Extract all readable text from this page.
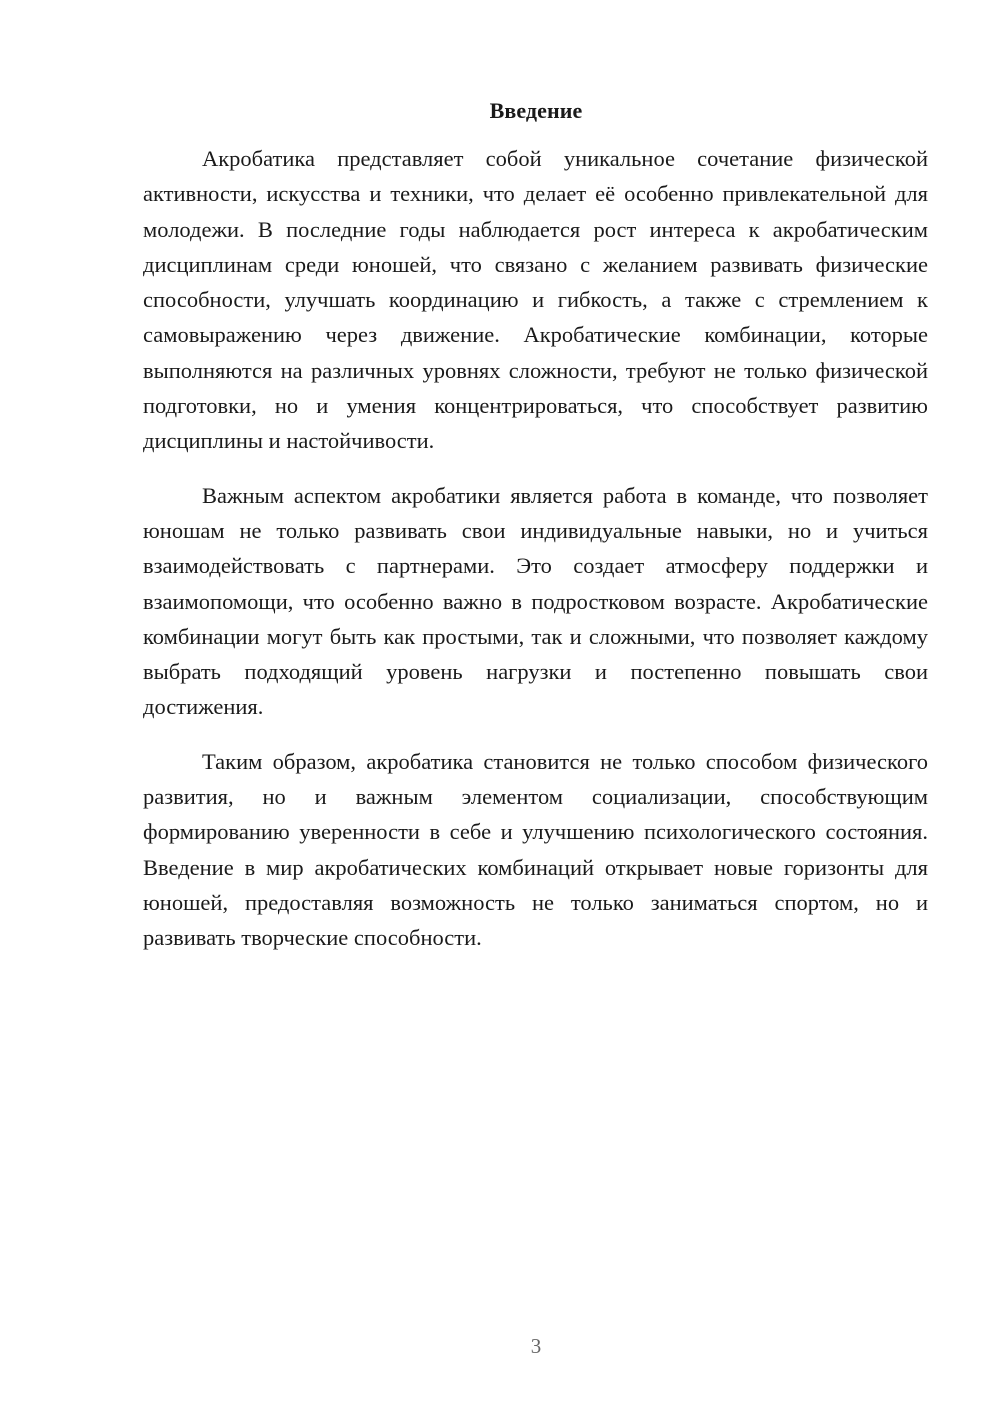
Введение

Акробатика представляет собой уникальное сочетание физической активности, искусства и техники, что делает её особенно привлекательной для молодежи. В последние годы наблюдается рост интереса к акробатическим дисциплинам среди юношей, что связано с желанием развивать физические способности, улучшать координацию и гибкость, а также с стремлением к самовыражению через движение. Акробатические комбинации, которые выполняются на различных уровнях сложности, требуют не только физической подготовки, но и умения концентрироваться, что способствует развитию дисциплины и настойчивости.

Важным аспектом акробатики является работа в команде, что позволяет юношам не только развивать свои индивидуальные навыки, но и учиться взаимодействовать с партнерами. Это создает атмосферу поддержки и взаимопомощи, что особенно важно в подростковом возрасте. Акробатические комбинации могут быть как простыми, так и сложными, что позволяет каждому выбрать подходящий уровень нагрузки и постепенно повышать свои достижения.

Таким образом, акробатика становится не только способом физического развития, но и важным элементом социализации, способствующим формированию уверенности в себе и улучшению психологического состояния. Введение в мир акробатических комбинаций открывает новые горизонты для юношей, предоставляя возможность не только заниматься спортом, но и развивать творческие способности.

3
